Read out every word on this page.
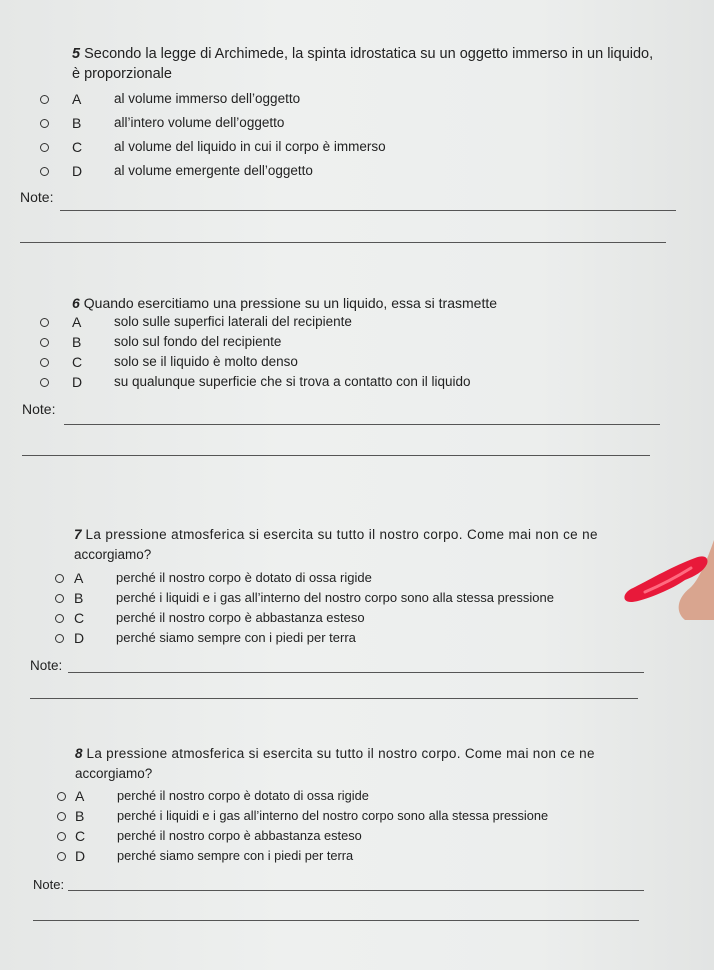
5 Secondo la legge di Archimede, la spinta idrostatica su un oggetto immerso in un liquido,
è proporzionale
A al volume immerso dell’oggetto
B all’intero volume dell’oggetto
C al volume del liquido in cui il corpo è immerso
D al volume emergente dell’oggetto
Note:
6 Quando esercitiamo una pressione su un liquido, essa si trasmette
A solo sulle superfici laterali del recipiente
B solo sul fondo del recipiente
C solo se il liquido è molto denso
D su qualunque superficie che si trova a contatto con il liquido
Note:
7 La pressione atmosferica si esercita su tutto il nostro corpo. Come mai non ce ne
accorgiamo?
A	perché il nostro corpo è dotato di ossa rigide
B	perché i liquidi e i gas all’interno del nostro corpo sono alla stessa pressione
C perché il nostro corpo è abbastanza esteso
D perché siamo sempre con i piedi per terra
Note:
8 La pressione atmosferica si esercita su tutto il nostro corpo. Come mai non ce ne
accorgiamo?
A	perché il nostro corpo è dotato di ossa rigide
B	perché i liquidi e i gas all’interno del nostro corpo sono alla stessa pressione
C perché il nostro corpo è abbastanza esteso
D perché siamo sempre con i piedi per terra
Note:
